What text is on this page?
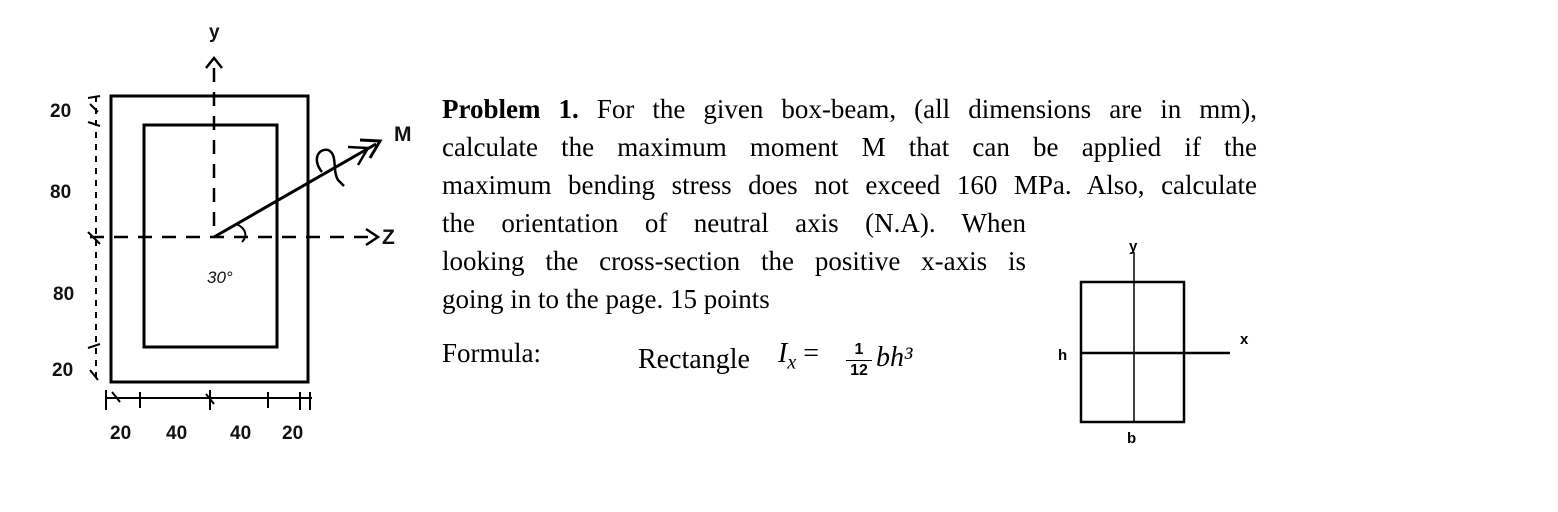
y
Z
M
30°
20
80
80
20
20 40 40 20
Problem 1. For the given box-beam, (all dimensions are in mm),
calculate the maximum moment M that can be applied if the
maximum bending stress does not exceed 160 MPa. Also, calculate
the orientation of neutral axis (N.A). When
looking the cross-section the positive x-axis is
going in to the page. 15 points
Formula:	Rectangle $I_x = \frac{1}{12} bh^3$
y
x
h
b
